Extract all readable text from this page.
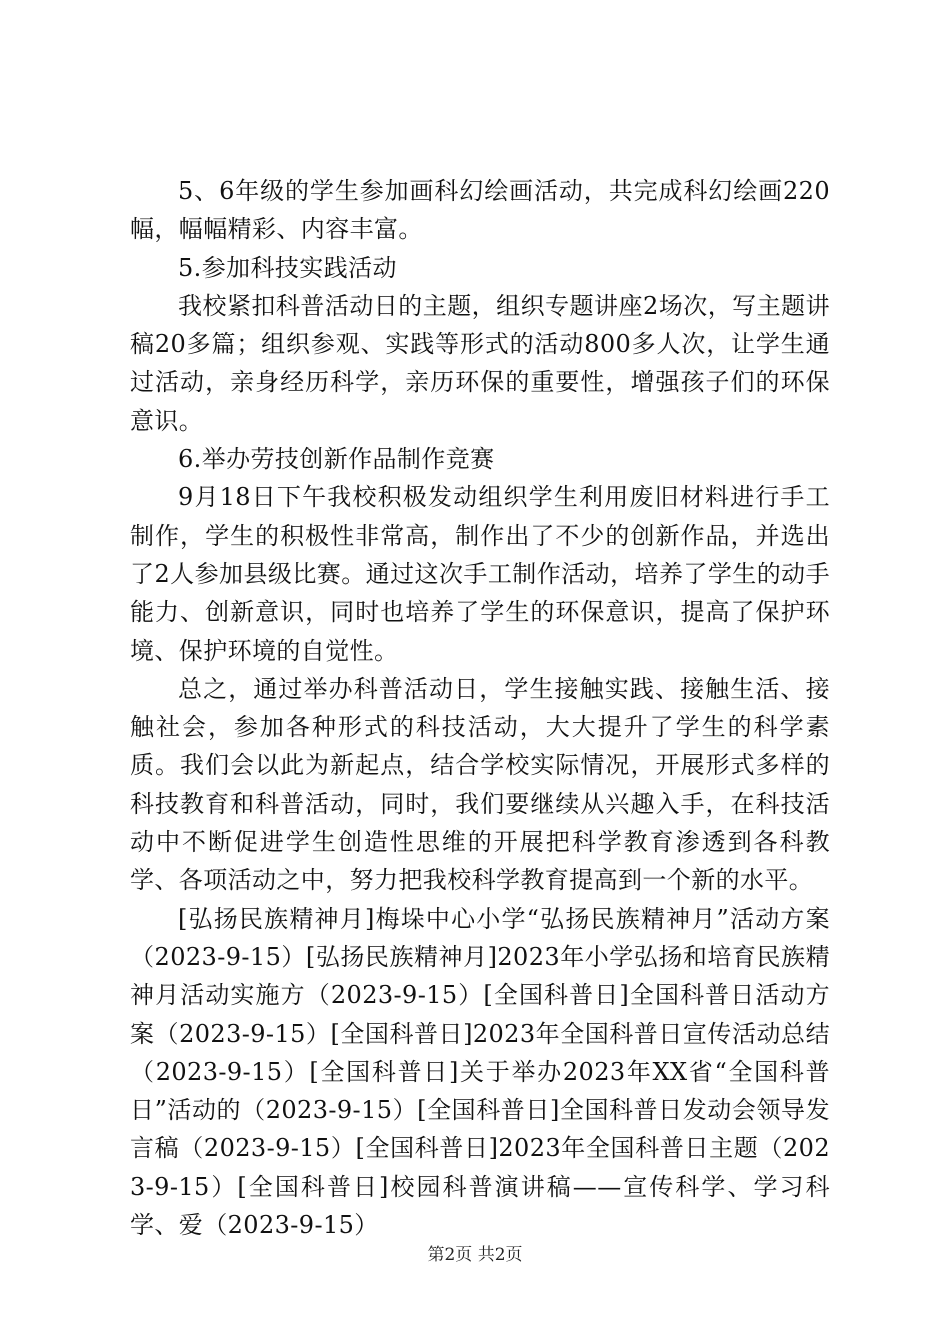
5、6年级的学生参加画科幻绘画活动，共完成科幻绘画220幅，幅幅精彩、内容丰富。

5.参加科技实践活动

我校紧扣科普活动日的主题，组织专题讲座2场次，写主题讲稿20多篇；组织参观、实践等形式的活动800多人次，让学生通过活动，亲身经历科学，亲历环保的重要性，增强孩子们的环保意识。

6.举办劳技创新作品制作竞赛

9月18日下午我校积极发动组织学生利用废旧材料进行手工制作，学生的积极性非常高，制作出了不少的创新作品，并选出了2人参加县级比赛。通过这次手工制作活动，培养了学生的动手能力、创新意识，同时也培养了学生的环保意识，提高了保护环境、保护环境的自觉性。

总之，通过举办科普活动日，学生接触实践、接触生活、接触社会，参加各种形式的科技活动，大大提升了学生的科学素质。我们会以此为新起点，结合学校实际情况，开展形式多样的科技教育和科普活动，同时，我们要继续从兴趣入手，在科技活动中不断促进学生创造性思维的开展把科学教育渗透到各科教学、各项活动之中，努力把我校科学教育提高到一个新的水平。

[弘扬民族精神月]梅垛中心小学“弘扬民族精神月”活动方案（2023-9-15）[弘扬民族精神月]2023年小学弘扬和培育民族精神月活动实施方（2023-9-15）[全国科普日]全国科普日活动方案（2023-9-15）[全国科普日]2023年全国科普日宣传活动总结（2023-9-15）[全国科普日]关于举办2023年XX省“全国科普日”活动的（2023-9-15）[全国科普日]全国科普日发动会领导发言稿（2023-9-15）[全国科普日]2023年全国科普日主题（2023-9-15）[全国科普日]校园科普演讲稿——宣传科学、学习科学、爱（2023-9-15）

第2页 共2页
